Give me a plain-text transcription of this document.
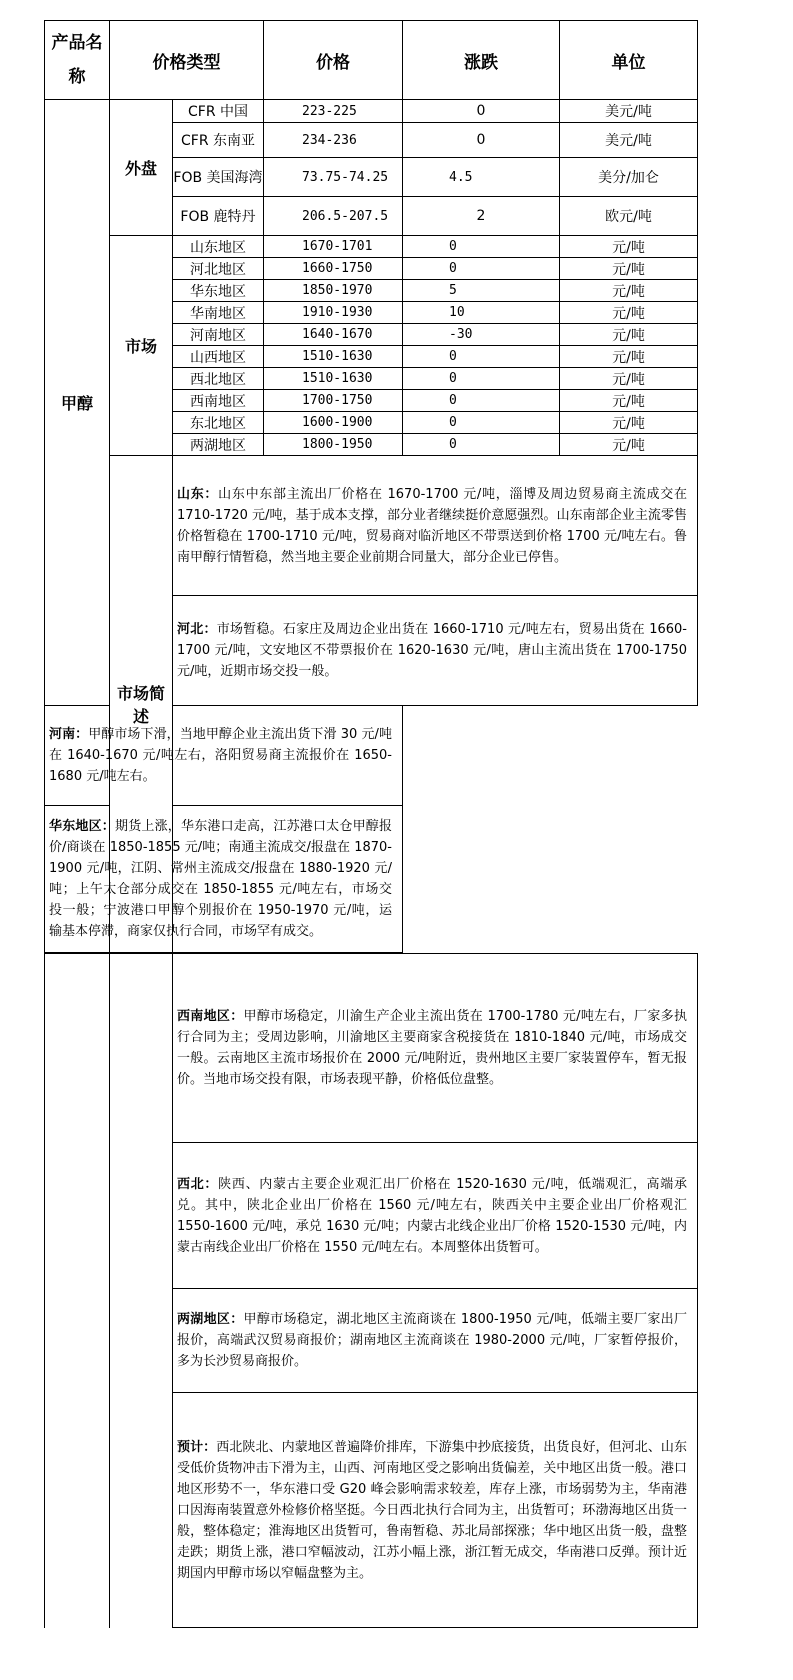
产品名称	价格类型		价格	涨跌	单位
甲醇	外盘	CFR 中国	223-225	0	美元/吨
		CFR 东南亚	234-236	0	美元/吨
		FOB 美国海湾	73.75-74.25	4.5	美分/加仑
		FOB 鹿特丹	206.5-207.5	2	欧元/吨
	市场	山东地区	1670-1701	0	元/吨
		河北地区	1660-1750	0	元/吨
		华东地区	1850-1970	5	元/吨
		华南地区	1910-1930	10	元/吨
		河南地区	1640-1670	-30	元/吨
		山西地区	1510-1630	0	元/吨
		西北地区	1510-1630	0	元/吨
		西南地区	1700-1750	0	元/吨
		东北地区	1600-1900	0	元/吨
		两湖地区	1800-1950	0	元/吨
	市场简述	山东：山东中东部主流出厂价格在 1670-1700 元/吨，淄博及周边贸易商主流成交在 1710-1720 元/吨，基于成本支撑，部分业者继续挺价意愿强烈。山东南部企业主流零售价格暂稳在 1700-1710 元/吨，贸易商对临沂地区不带票送到价格 1700 元/吨左右。鲁南甲醇行情暂稳，然当地主要企业前期合同量大，部分企业已停售。			
		河北：市场暂稳。石家庄及周边企业出货在 1660-1710 元/吨左右，贸易出货在 1660-1700 元/吨，文安地区不带票报价在 1620-1630 元/吨，唐山主流出货在 1700-1750 元/吨，近期市场交投一般。			
河南：甲醇市场下滑，当地甲醇企业主流出货下滑 30 元/吨在 1640-1670 元/吨左右，洛阳贸易商主流报价在 1650-1680 元/吨左右。					
华东地区：期货上涨，华东港口走高，江苏港口太仓甲醇报价/商谈在 1850-1855 元/吨；南通主流成交/报盘在 1870-1900 元/吨，江阴、常州主流成交/报盘在 1880-1920 元/吨；上午太仓部分成交在 1850-1855 元/吨左右，市场交投一般；宁波港口甲醇个别报价在 1950-1970 元/吨，运输基本停滞，商家仅执行合同，市场罕有成交。					
		西南地区：甲醇市场稳定，川渝生产企业主流出货在 1700-1780 元/吨左右，厂家多执行合同为主；受周边影响，川渝地区主要商家含税接货在 1810-1840 元/吨，市场成交一般。云南地区主流市场报价在 2000 元/吨附近，贵州地区主要厂家装置停车，暂无报价。当地市场交投有限，市场表现平静，价格低位盘整。
西北：陕西、内蒙古主要企业观汇出厂价格在 1520-1630 元/吨，低端观汇，高端承兑。其中，陕北企业出厂价格在 1560 元/吨左右，陕西关中主要企业出厂价格观汇 1550-1600 元/吨，承兑 1630 元/吨；内蒙古北线企业出厂价格 1520-1530 元/吨，内蒙古南线企业出厂价格在 1550 元/吨左右。本周整体出货暂可。
两湖地区：甲醇市场稳定，湖北地区主流商谈在 1800-1950 元/吨，低端主要厂家出厂报价，高端武汉贸易商报价；湖南地区主流商谈在 1980-2000 元/吨，厂家暂停报价，多为长沙贸易商报价。
预计：西北陕北、内蒙地区普遍降价排库，下游集中抄底接货，出货良好，但河北、山东受低价货物冲击下滑为主，山西、河南地区受之影响出货偏差，关中地区出货一般。港口地区形势不一，华东港口受 G20 峰会影响需求较差，库存上涨，市场弱势为主，华南港口因海南装置意外检修价格坚挺。今日西北执行合同为主，出货暂可；环渤海地区出货一般，整体稳定；淮海地区出货暂可，鲁南暂稳、苏北局部探涨；华中地区出货一般，盘整走跌；期货上涨，港口窄幅波动，江苏小幅上涨，浙江暂无成交，华南港口反弹。预计近期国内甲醇市场以窄幅盘整为主。
